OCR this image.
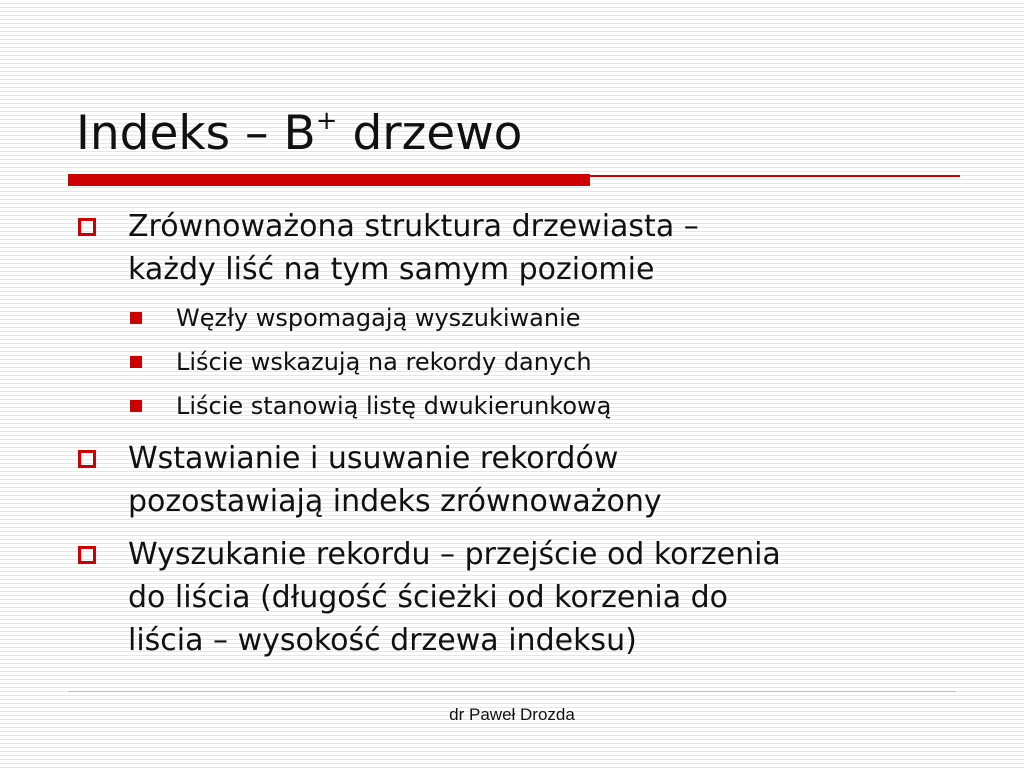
Indeks – B+ drzewo
Zrównoważona struktura drzewiasta –
każdy liść na tym samym poziomie
Węzły wspomagają wyszukiwanie
Liście wskazują na rekordy danych
Liście stanowią listę dwukierunkową
Wstawianie i usuwanie rekordów
pozostawiają indeks zrównoważony
Wyszukanie rekordu – przejście od korzenia
do liścia (długość ścieżki od korzenia do
liścia – wysokość drzewa indeksu)
dr Paweł Drozda
